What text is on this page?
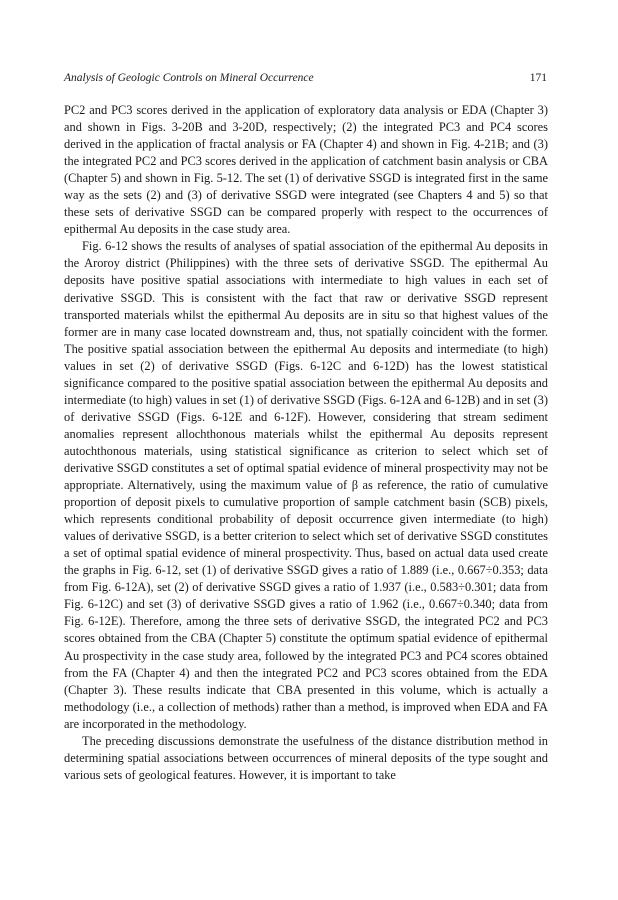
Analysis of Geologic Controls on Mineral Occurrence	171

PC2 and PC3 scores derived in the application of exploratory data analysis or EDA (Chapter 3) and shown in Figs. 3-20B and 3-20D, respectively; (2) the integrated PC3 and PC4 scores derived in the application of fractal analysis or FA (Chapter 4) and shown in Fig. 4-21B; and (3) the integrated PC2 and PC3 scores derived in the application of catchment basin analysis or CBA (Chapter 5) and shown in Fig. 5-12. The set (1) of derivative SSGD is integrated first in the same way as the sets (2) and (3) of derivative SSGD were integrated (see Chapters 4 and 5) so that these sets of derivative SSGD can be compared properly with respect to the occurrences of epithermal Au deposits in the case study area.

Fig. 6-12 shows the results of analyses of spatial association of the epithermal Au deposits in the Aroroy district (Philippines) with the three sets of derivative SSGD. The epithermal Au deposits have positive spatial associations with intermediate to high values in each set of derivative SSGD. This is consistent with the fact that raw or derivative SSGD represent transported materials whilst the epithermal Au deposits are in situ so that highest values of the former are in many case located downstream and, thus, not spatially coincident with the former. The positive spatial association between the epithermal Au deposits and intermediate (to high) values in set (2) of derivative SSGD (Figs. 6-12C and 6-12D) has the lowest statistical significance compared to the positive spatial association between the epithermal Au deposits and intermediate (to high) values in set (1) of derivative SSGD (Figs. 6-12A and 6-12B) and in set (3) of derivative SSGD (Figs. 6-12E and 6-12F). However, considering that stream sediment anomalies represent allochthonous materials whilst the epithermal Au deposits represent autochthonous materials, using statistical significance as criterion to select which set of derivative SSGD constitutes a set of optimal spatial evidence of mineral prospectivity may not be appropriate. Alternatively, using the maximum value of β as reference, the ratio of cumulative proportion of deposit pixels to cumulative proportion of sample catchment basin (SCB) pixels, which represents conditional probability of deposit occurrence given intermediate (to high) values of derivative SSGD, is a better criterion to select which set of derivative SSGD constitutes a set of optimal spatial evidence of mineral prospectivity. Thus, based on actual data used create the graphs in Fig. 6-12, set (1) of derivative SSGD gives a ratio of 1.889 (i.e., 0.667÷0.353; data from Fig. 6-12A), set (2) of derivative SSGD gives a ratio of 1.937 (i.e., 0.583÷0.301; data from Fig. 6-12C) and set (3) of derivative SSGD gives a ratio of 1.962 (i.e., 0.667÷0.340; data from Fig. 6-12E). Therefore, among the three sets of derivative SSGD, the integrated PC2 and PC3 scores obtained from the CBA (Chapter 5) constitute the optimum spatial evidence of epithermal Au prospectivity in the case study area, followed by the integrated PC3 and PC4 scores obtained from the FA (Chapter 4) and then the integrated PC2 and PC3 scores obtained from the EDA (Chapter 3). These results indicate that CBA presented in this volume, which is actually a methodology (i.e., a collection of methods) rather than a method, is improved when EDA and FA are incorporated in the methodology.

The preceding discussions demonstrate the usefulness of the distance distribution method in determining spatial associations between occurrences of mineral deposits of the type sought and various sets of geological features. However, it is important to take
